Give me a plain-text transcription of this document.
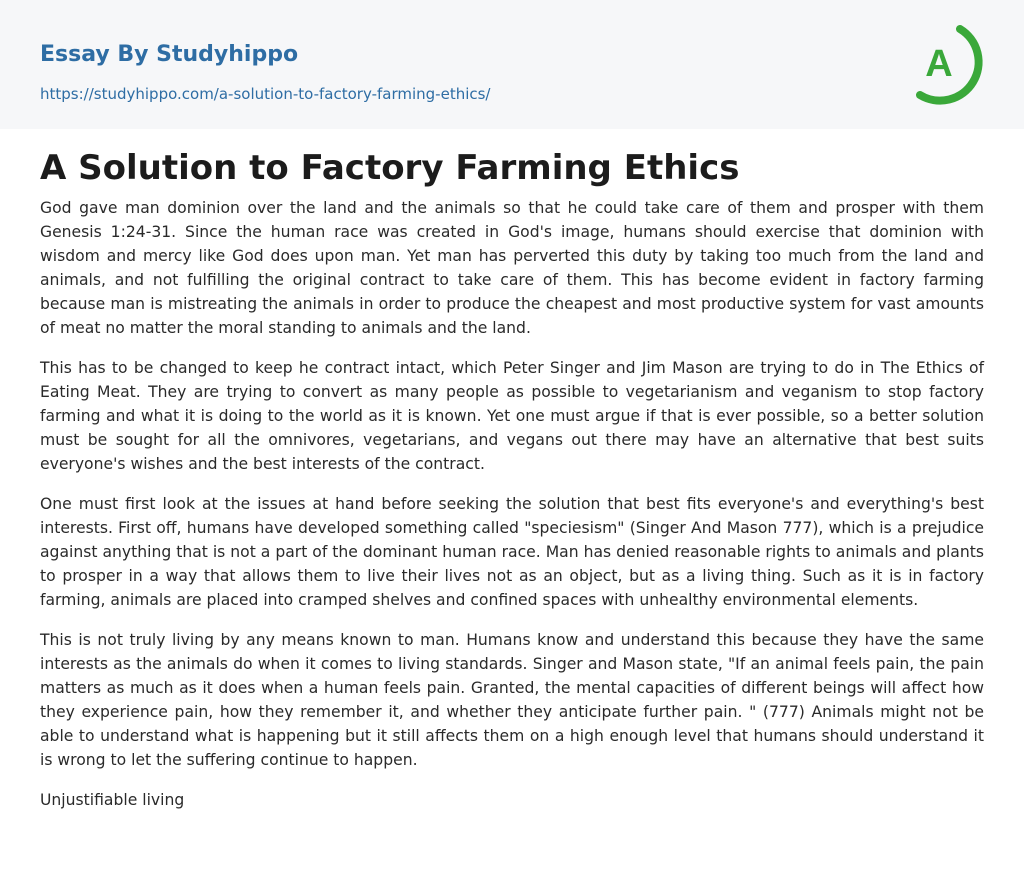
Essay By Studyhippo
https://studyhippo.com/a-solution-to-factory-farming-ethics/
A
A Solution to Factory Farming Ethics

God gave man dominion over the land and the animals so that he could take care of them and prosper with them Genesis 1:24-31. Since the human race was created in God's image, humans should exercise that dominion with wisdom and mercy like God does upon man. Yet man has perverted this duty by taking too much from the land and animals, and not fulfilling the original contract to take care of them. This has become evident in factory farming because man is mistreating the animals in order to produce the cheapest and most productive system for vast amounts of meat no matter the moral standing to animals and the land.

This has to be changed to keep he contract intact, which Peter Singer and Jim Mason are trying to do in The Ethics of Eating Meat. They are trying to convert as many people as possible to vegetarianism and veganism to stop factory farming and what it is doing to the world as it is known. Yet one must argue if that is ever possible, so a better solution must be sought for all the omnivores, vegetarians, and vegans out there may have an alternative that best suits everyone's wishes and the best interests of the contract.

One must first look at the issues at hand before seeking the solution that best fits everyone's and everything's best interests. First off, humans have developed something called "speciesism" (Singer And Mason 777), which is a prejudice against anything that is not a part of the dominant human race. Man has denied reasonable rights to animals and plants to prosper in a way that allows them to live their lives not as an object, but as a living thing. Such as it is in factory farming, animals are placed into cramped shelves and confined spaces with unhealthy environmental elements.

This is not truly living by any means known to man. Humans know and understand this because they have the same interests as the animals do when it comes to living standards. Singer and Mason state, "If an animal feels pain, the pain matters as much as it does when a human feels pain. Granted, the mental capacities of different beings will affect how they experience pain, how they remember it, and whether they anticipate further pain. " (777) Animals might not be able to understand what is happening but it still affects them on a high enough level that humans should understand it is wrong to let the suffering continue to happen.

Unjustifiable living
